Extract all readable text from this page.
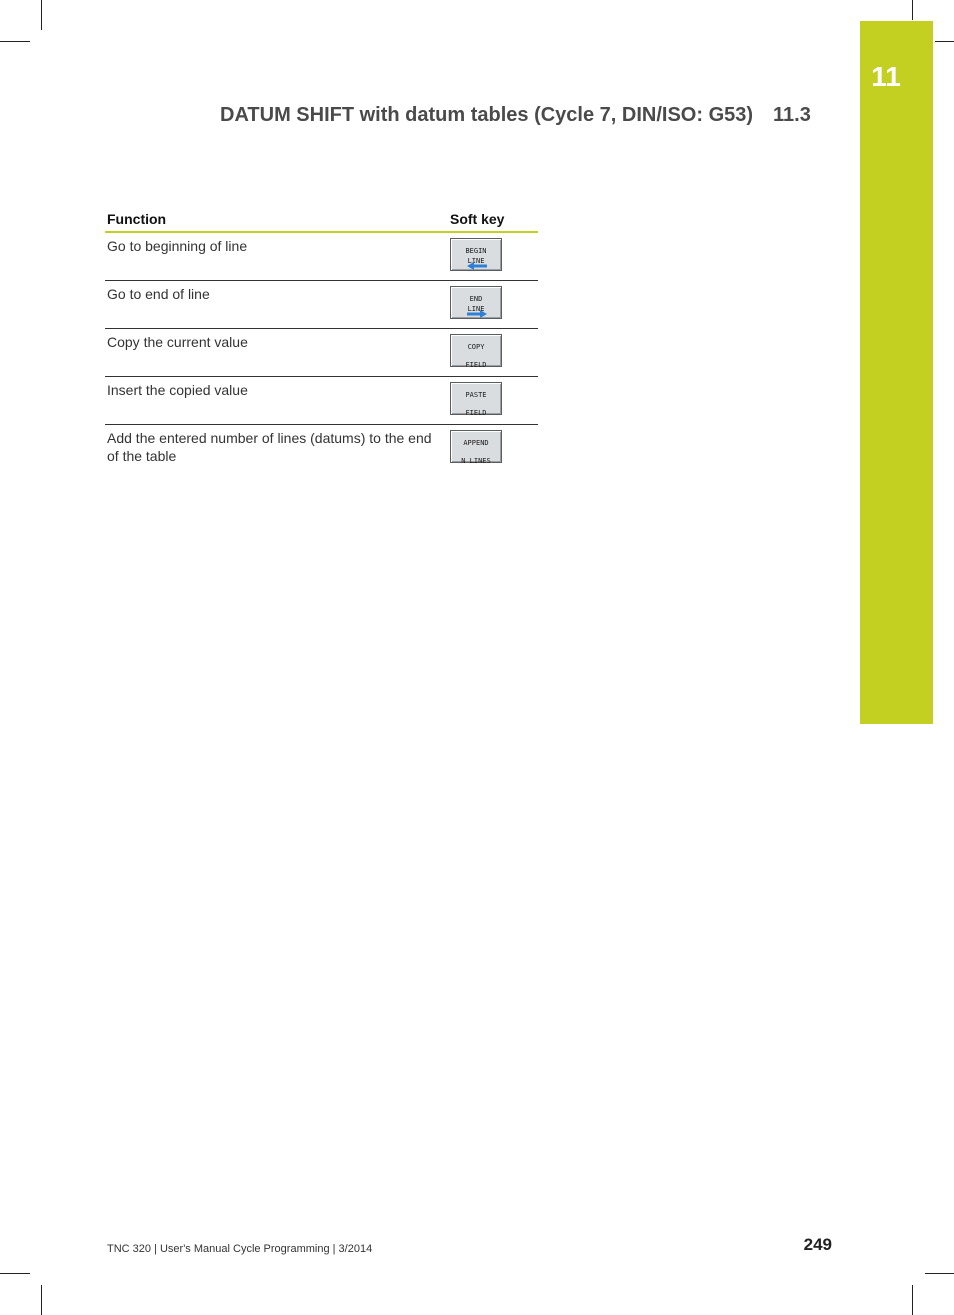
11
DATUM SHIFT with datum tables (Cycle 7, DIN/ISO: G53) 11.3
Function	Soft key
Go to beginning of line	BEGIN
LINE

Go to end of line	END
LINE

Copy the current value	COPY
FIELD

Insert the copied value	PASTE
FIELD

Add the entered number of lines (datums) to the end of the table	APPEND
N LINES
TNC 320 | User's Manual Cycle Programming | 3/2014	249
